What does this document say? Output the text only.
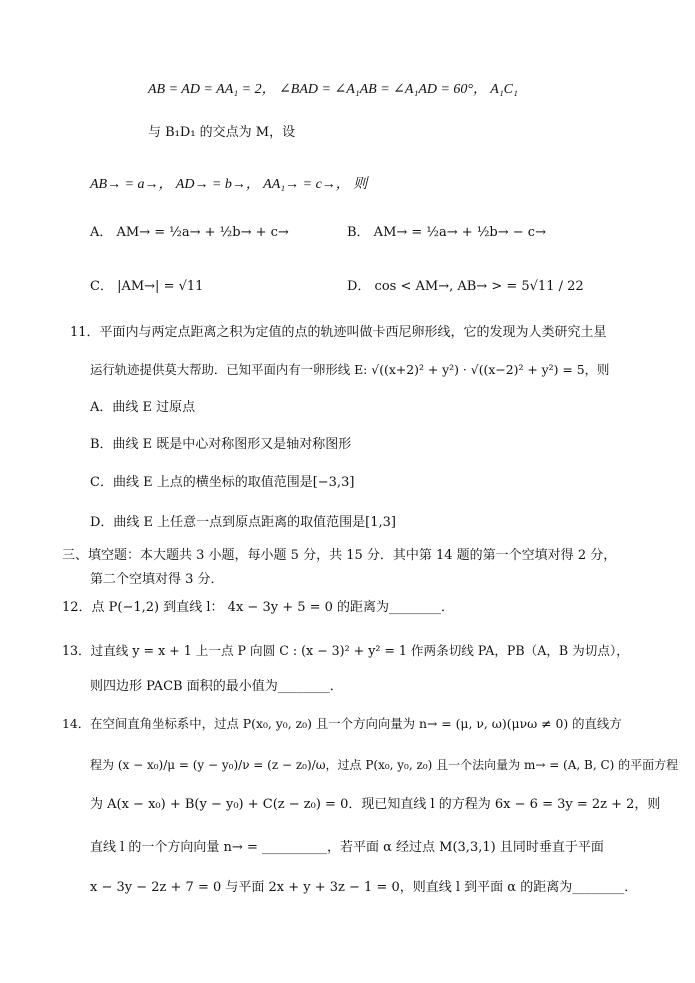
AB = AD = AA₁ = 2， ∠BAD = ∠A₁AB = ∠A₁AD = 60°， A₁C₁
与 B₁D₁ 的交点为 M，设
AB→ = a→， AD→ = b→， AA₁→ = c→， 则
A． AM→ = ½a→ + ½b→ + c→	B． AM→ = ½a→ + ½b→ − c→
C． |AM→| = √11	D． cos < AM→, AB→ > = 5√11 / 22
11．平面内与两定点距离之积为定值的点的轨迹叫做卡西尼卵形线，它的发现为人类研究土星
运行轨迹提供莫大帮助．已知平面内有一卵形线 E: √((x+2)² + y²) · √((x−2)² + y²) = 5，则
A．曲线 E 过原点
B．曲线 E 既是中心对称图形又是轴对称图形
C．曲线 E 上点的横坐标的取值范围是[−3,3]
D．曲线 E 上任意一点到原点距离的取值范围是[1,3]
三、填空题：本大题共 3 小题，每小题 5 分，共 15 分．其中第 14 题的第一个空填对得 2 分，
第二个空填对得 3 分．
12．点 P(−1,2) 到直线 l： 4x − 3y + 5 = 0 的距离为________．
13．过直线 y = x + 1 上一点 P 向圆 C : (x − 3)² + y² = 1 作两条切线 PA，PB（A，B 为切点），
则四边形 PACB 面积的最小值为________．
14．在空间直角坐标系中，过点 P(x₀, y₀, z₀) 且一个方向向量为 n→ = (μ, ν, ω)(μνω ≠ 0) 的直线方
程为 (x − x₀)/μ = (y − y₀)/ν = (z − z₀)/ω，过点 P(x₀, y₀, z₀) 且一个法向量为 m→ = (A, B, C) 的平面方程
为 A(x − x₀) + B(y − y₀) + C(z − z₀) = 0．现已知直线 l 的方程为 6x − 6 = 3y = 2z + 2，则
直线 l 的一个方向向量 n→ = __________，若平面 α 经过点 M(3,3,1) 且同时垂直于平面
x − 3y − 2z + 7 = 0 与平面 2x + y + 3z − 1 = 0，则直线 l 到平面 α 的距离为________．
